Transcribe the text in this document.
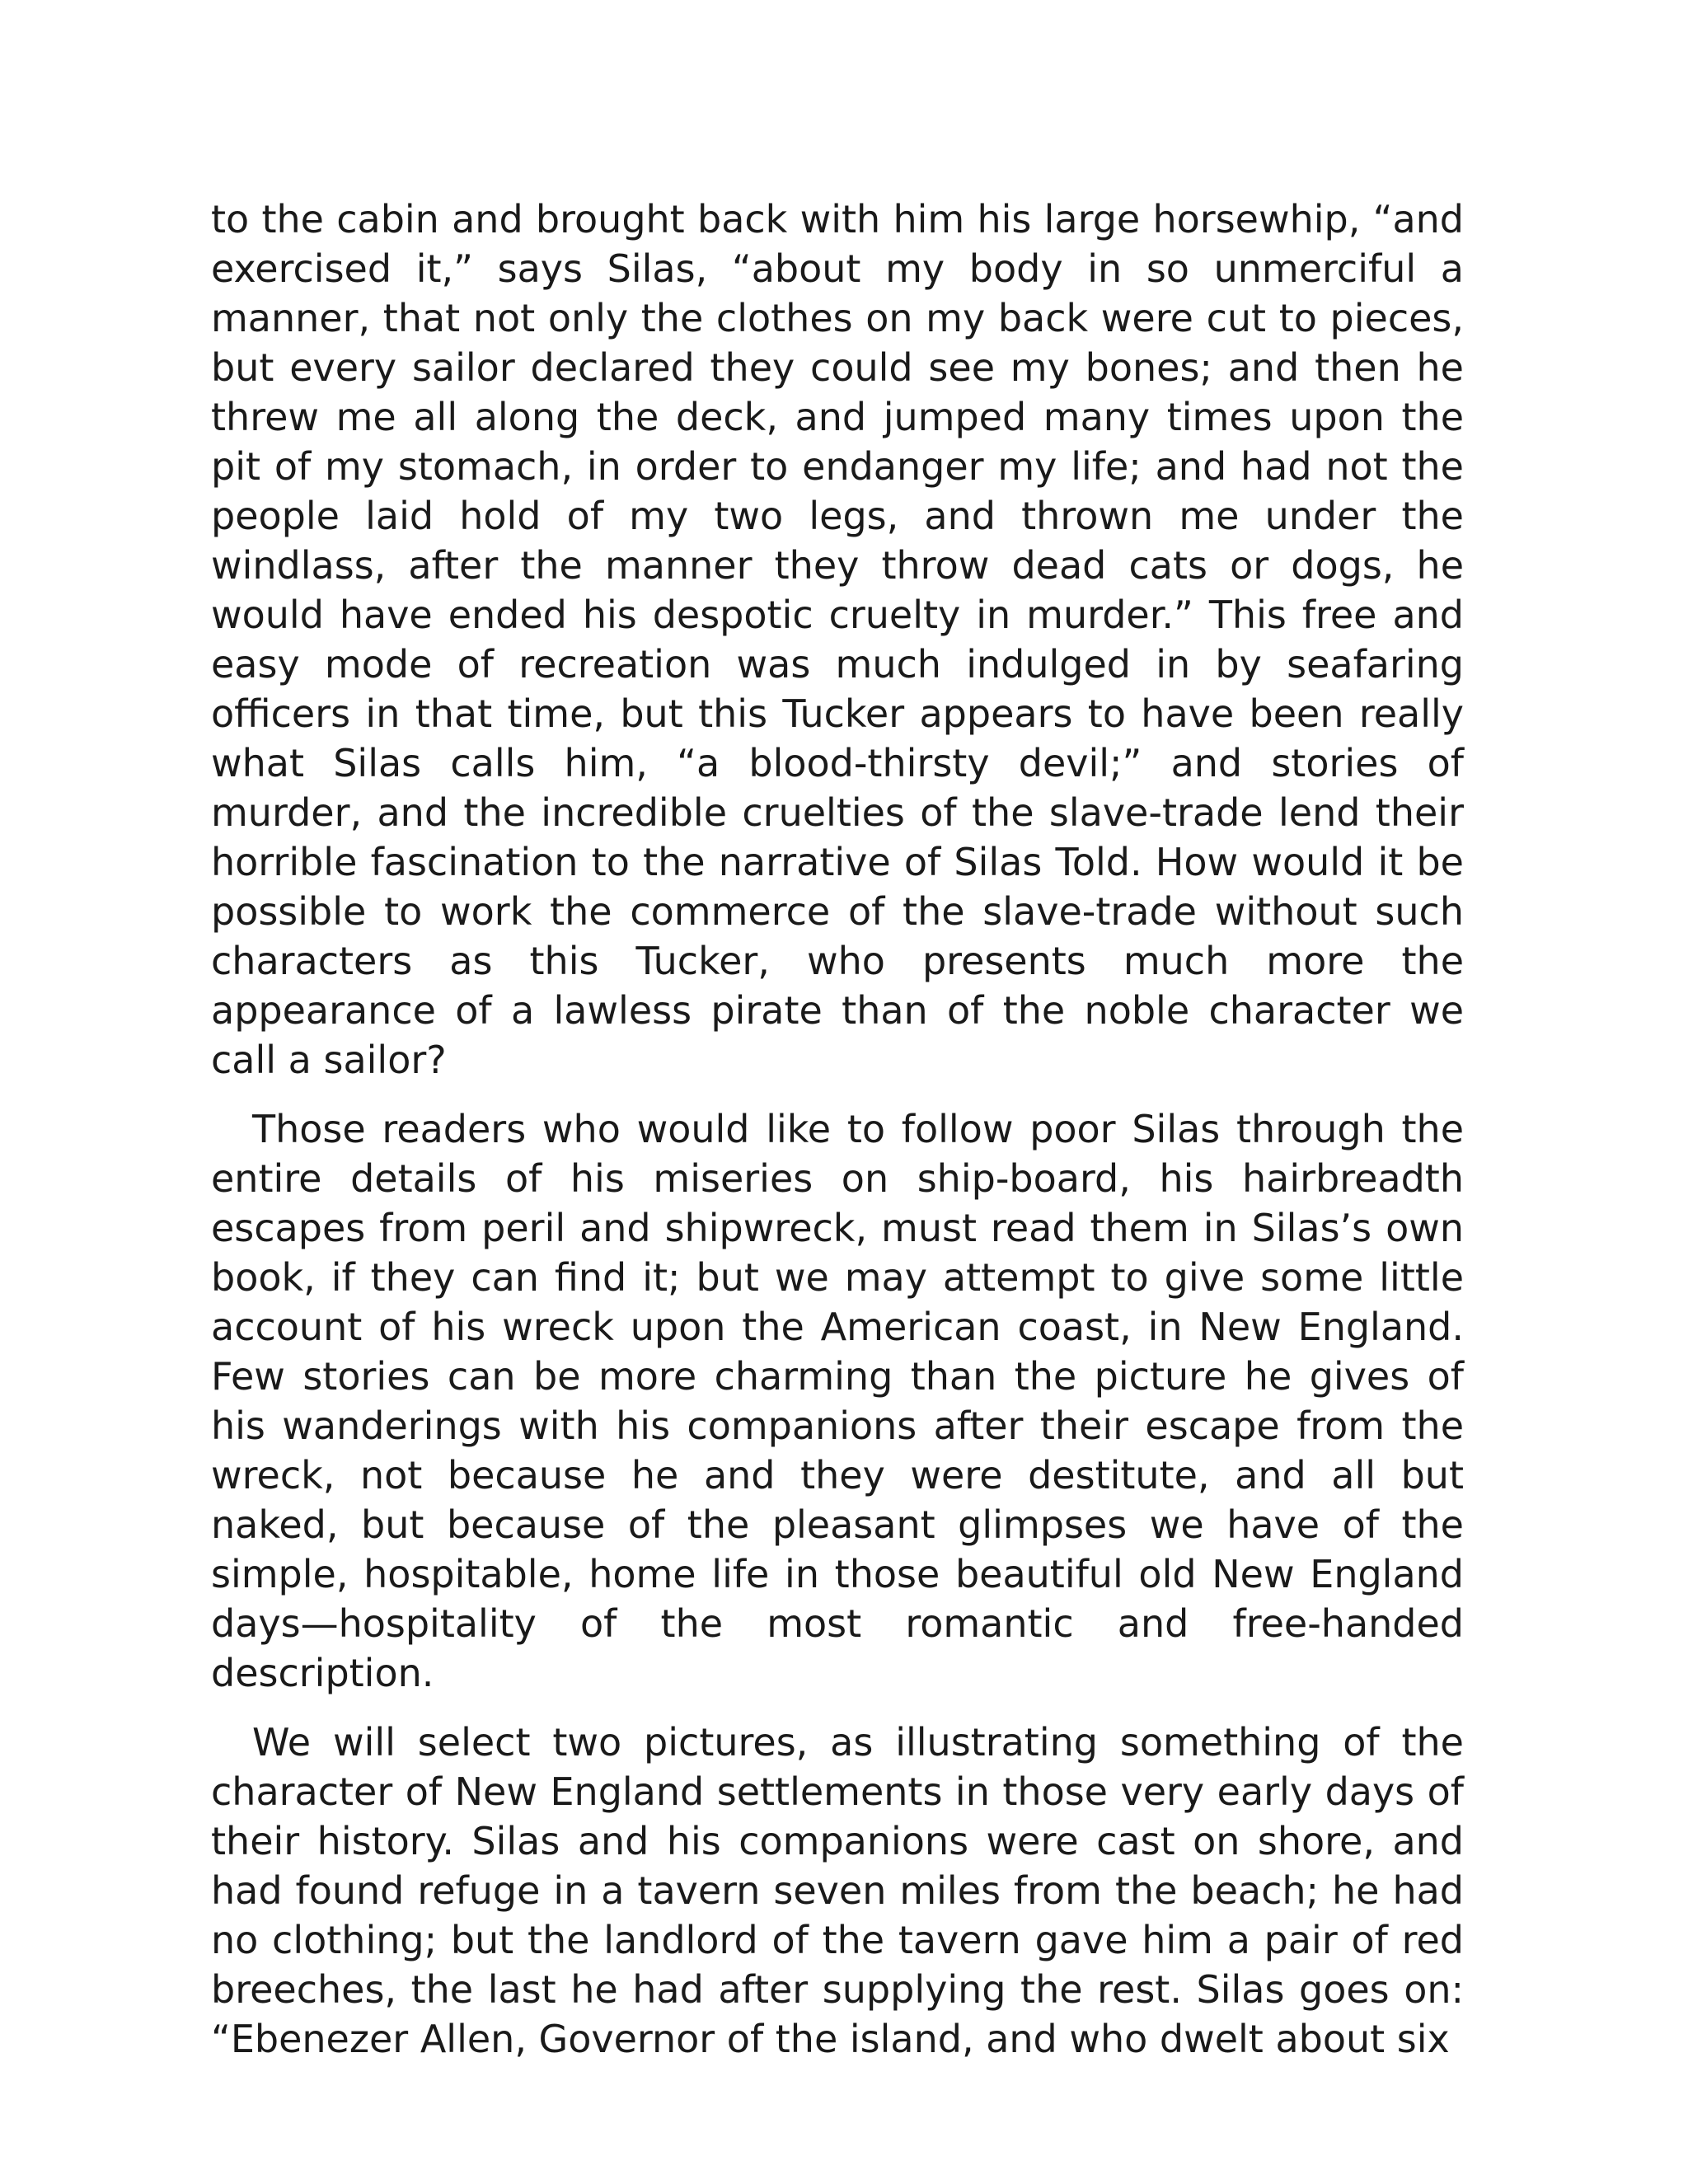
to the cabin and brought back with him his large horsewhip, “and exercised it,” says Silas, “about my body in so unmerciful a manner, that not only the clothes on my back were cut to pieces, but every sailor declared they could see my bones; and then he threw me all along the deck, and jumped many times upon the pit of my stomach, in order to endanger my life; and had not the people laid hold of my two legs, and thrown me under the windlass, after the manner they throw dead cats or dogs, he would have ended his despotic cruelty in murder.” This free and easy mode of recreation was much indulged in by seafaring officers in that time, but this Tucker appears to have been really what Silas calls him, “a blood-thirsty devil;” and stories of murder, and the incredible cruelties of the slave-trade lend their horrible fascination to the narrative of Silas Told. How would it be possible to work the commerce of the slave-trade without such characters as this Tucker, who presents much more the appearance of a lawless pirate than of the noble character we call a sailor?

Those readers who would like to follow poor Silas through the entire details of his miseries on ship-board, his hairbreadth escapes from peril and shipwreck, must read them in Silas’s own book, if they can find it; but we may attempt to give some little account of his wreck upon the American coast, in New England. Few stories can be more charming than the picture he gives of his wanderings with his companions after their escape from the wreck, not because he and they were destitute, and all but naked, but because of the pleasant glimpses we have of the simple, hospitable, home life in those beautiful old New England days—hospitality of the most romantic and free-handed description.

We will select two pictures, as illustrating something of the character of New England settlements in those very early days of their history. Silas and his companions were cast on shore, and had found refuge in a tavern seven miles from the beach; he had no clothing; but the landlord of the tavern gave him a pair of red breeches, the last he had after supplying the rest. Silas goes on: “Ebenezer Allen, Governor of the island, and who dwelt about six
